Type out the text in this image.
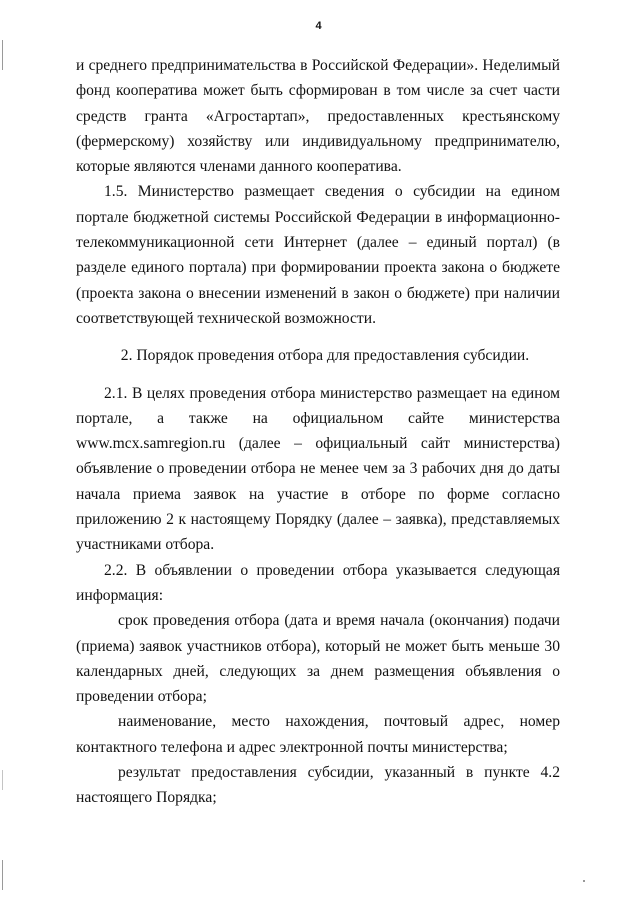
4

и среднего предпринимательства в Российской Федерации». Неделимый фонд кооператива может быть сформирован в том числе за счет части средств гранта «Агростартап», предоставленных крестьянскому (фермерскому) хозяйству или индивидуальному предпринимателю, которые являются членами данного кооператива.

1.5. Министерство размещает сведения о субсидии на едином портале бюджетной системы Российской Федерации в информационно-телекоммуникационной сети Интернет (далее – единый портал) (в разделе единого портала) при формировании проекта закона о бюджете (проекта закона о внесении изменений в закон о бюджете) при наличии соответствующей технической возможности.

2. Порядок проведения отбора для предоставления субсидии.

2.1. В целях проведения отбора министерство размещает на едином портале, а также на официальном сайте министерства www.mcx.samregion.ru (далее – официальный сайт министерства) объявление о проведении отбора не менее чем за 3 рабочих дня до даты начала приема заявок на участие в отборе по форме согласно приложению 2 к настоящему Порядку (далее – заявка), представляемых участниками отбора.

2.2. В объявлении о проведении отбора указывается следующая информация:

срок проведения отбора (дата и время начала (окончания) подачи (приема) заявок участников отбора), который не может быть меньше 30 календарных дней, следующих за днем размещения объявления о проведении отбора;

наименование, место нахождения, почтовый адрес, номер контактного телефона и адрес электронной почты министерства;

результат предоставления субсидии, указанный в пункте 4.2 настоящего Порядка;
